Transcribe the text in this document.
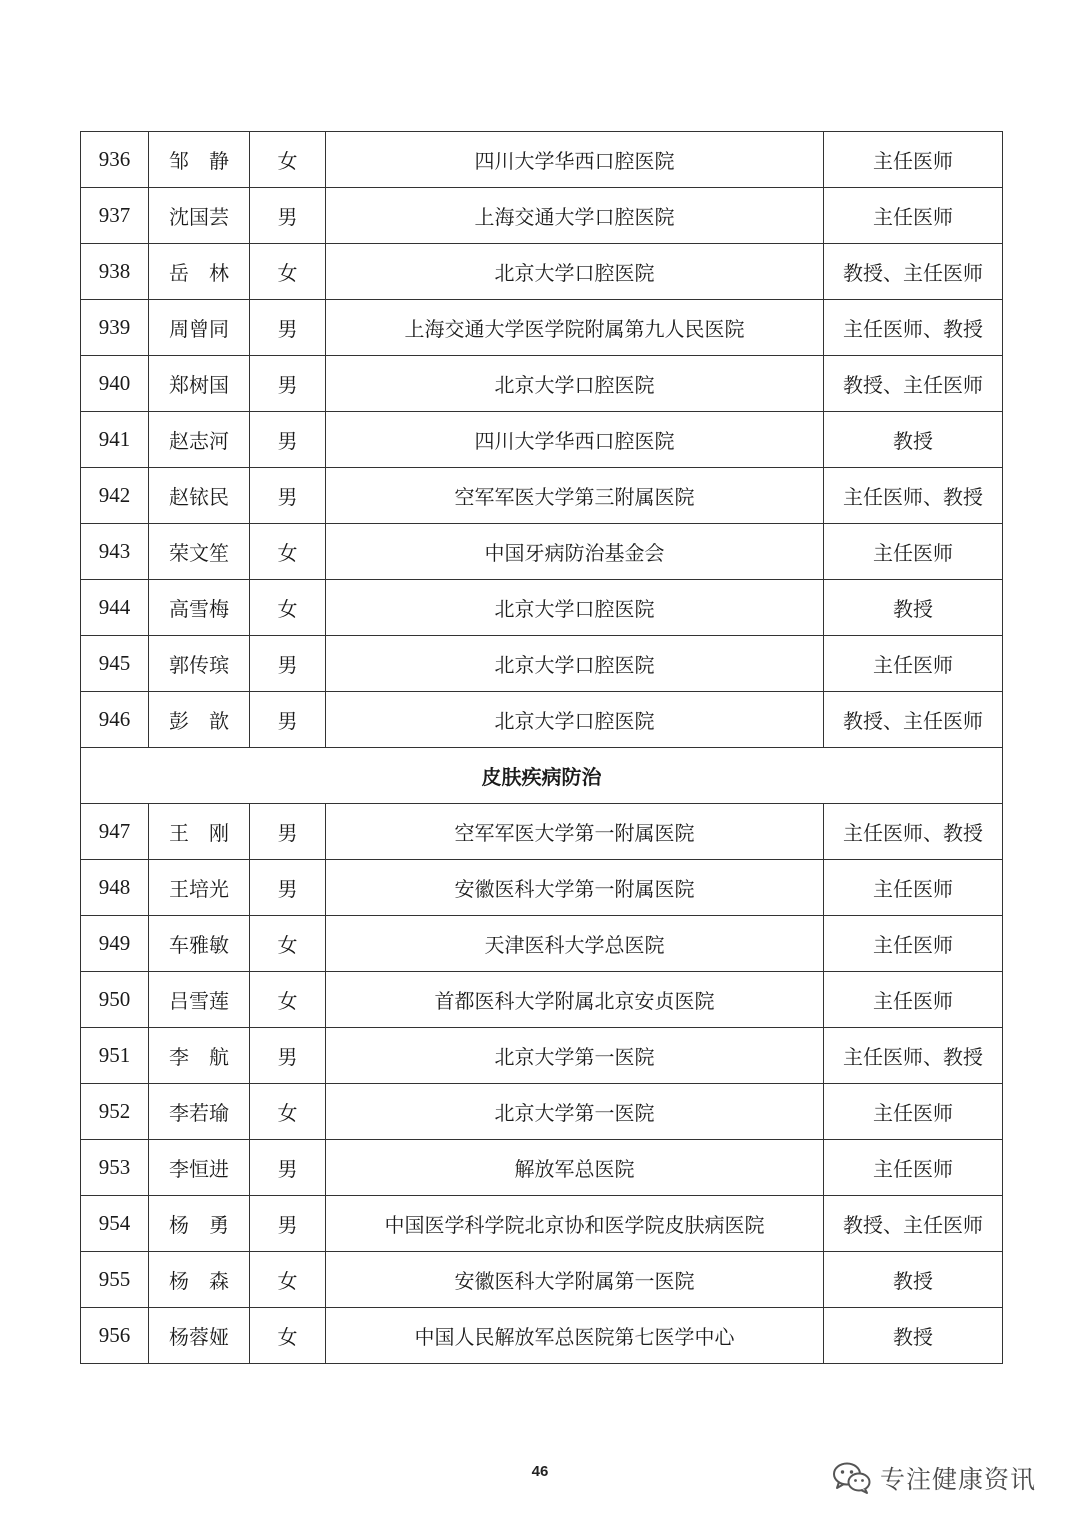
936	邹　静	女	四川大学华西口腔医院	主任医师
937	沈国芸	男	上海交通大学口腔医院	主任医师
938	岳　林	女	北京大学口腔医院	教授、主任医师
939	周曾同	男	上海交通大学医学院附属第九人民医院	主任医师、教授
940	郑树国	男	北京大学口腔医院	教授、主任医师
941	赵志河	男	四川大学华西口腔医院	教授
942	赵铱民	男	空军军医大学第三附属医院	主任医师、教授
943	荣文笙	女	中国牙病防治基金会	主任医师
944	高雪梅	女	北京大学口腔医院	教授
945	郭传瑸	男	北京大学口腔医院	主任医师
946	彭　歆	男	北京大学口腔医院	教授、主任医师
皮肤疾病防治				
947	王　刚	男	空军军医大学第一附属医院	主任医师、教授
948	王培光	男	安徽医科大学第一附属医院	主任医师
949	车雅敏	女	天津医科大学总医院	主任医师
950	吕雪莲	女	首都医科大学附属北京安贞医院	主任医师
951	李　航	男	北京大学第一医院	主任医师、教授
952	李若瑜	女	北京大学第一医院	主任医师
953	李恒进	男	解放军总医院	主任医师
954	杨　勇	男	中国医学科学院北京协和医学院皮肤病医院	教授、主任医师
955	杨　森	女	安徽医科大学附属第一医院	教授
956	杨蓉娅	女	中国人民解放军总医院第七医学中心	教授
46	专注健康资讯
